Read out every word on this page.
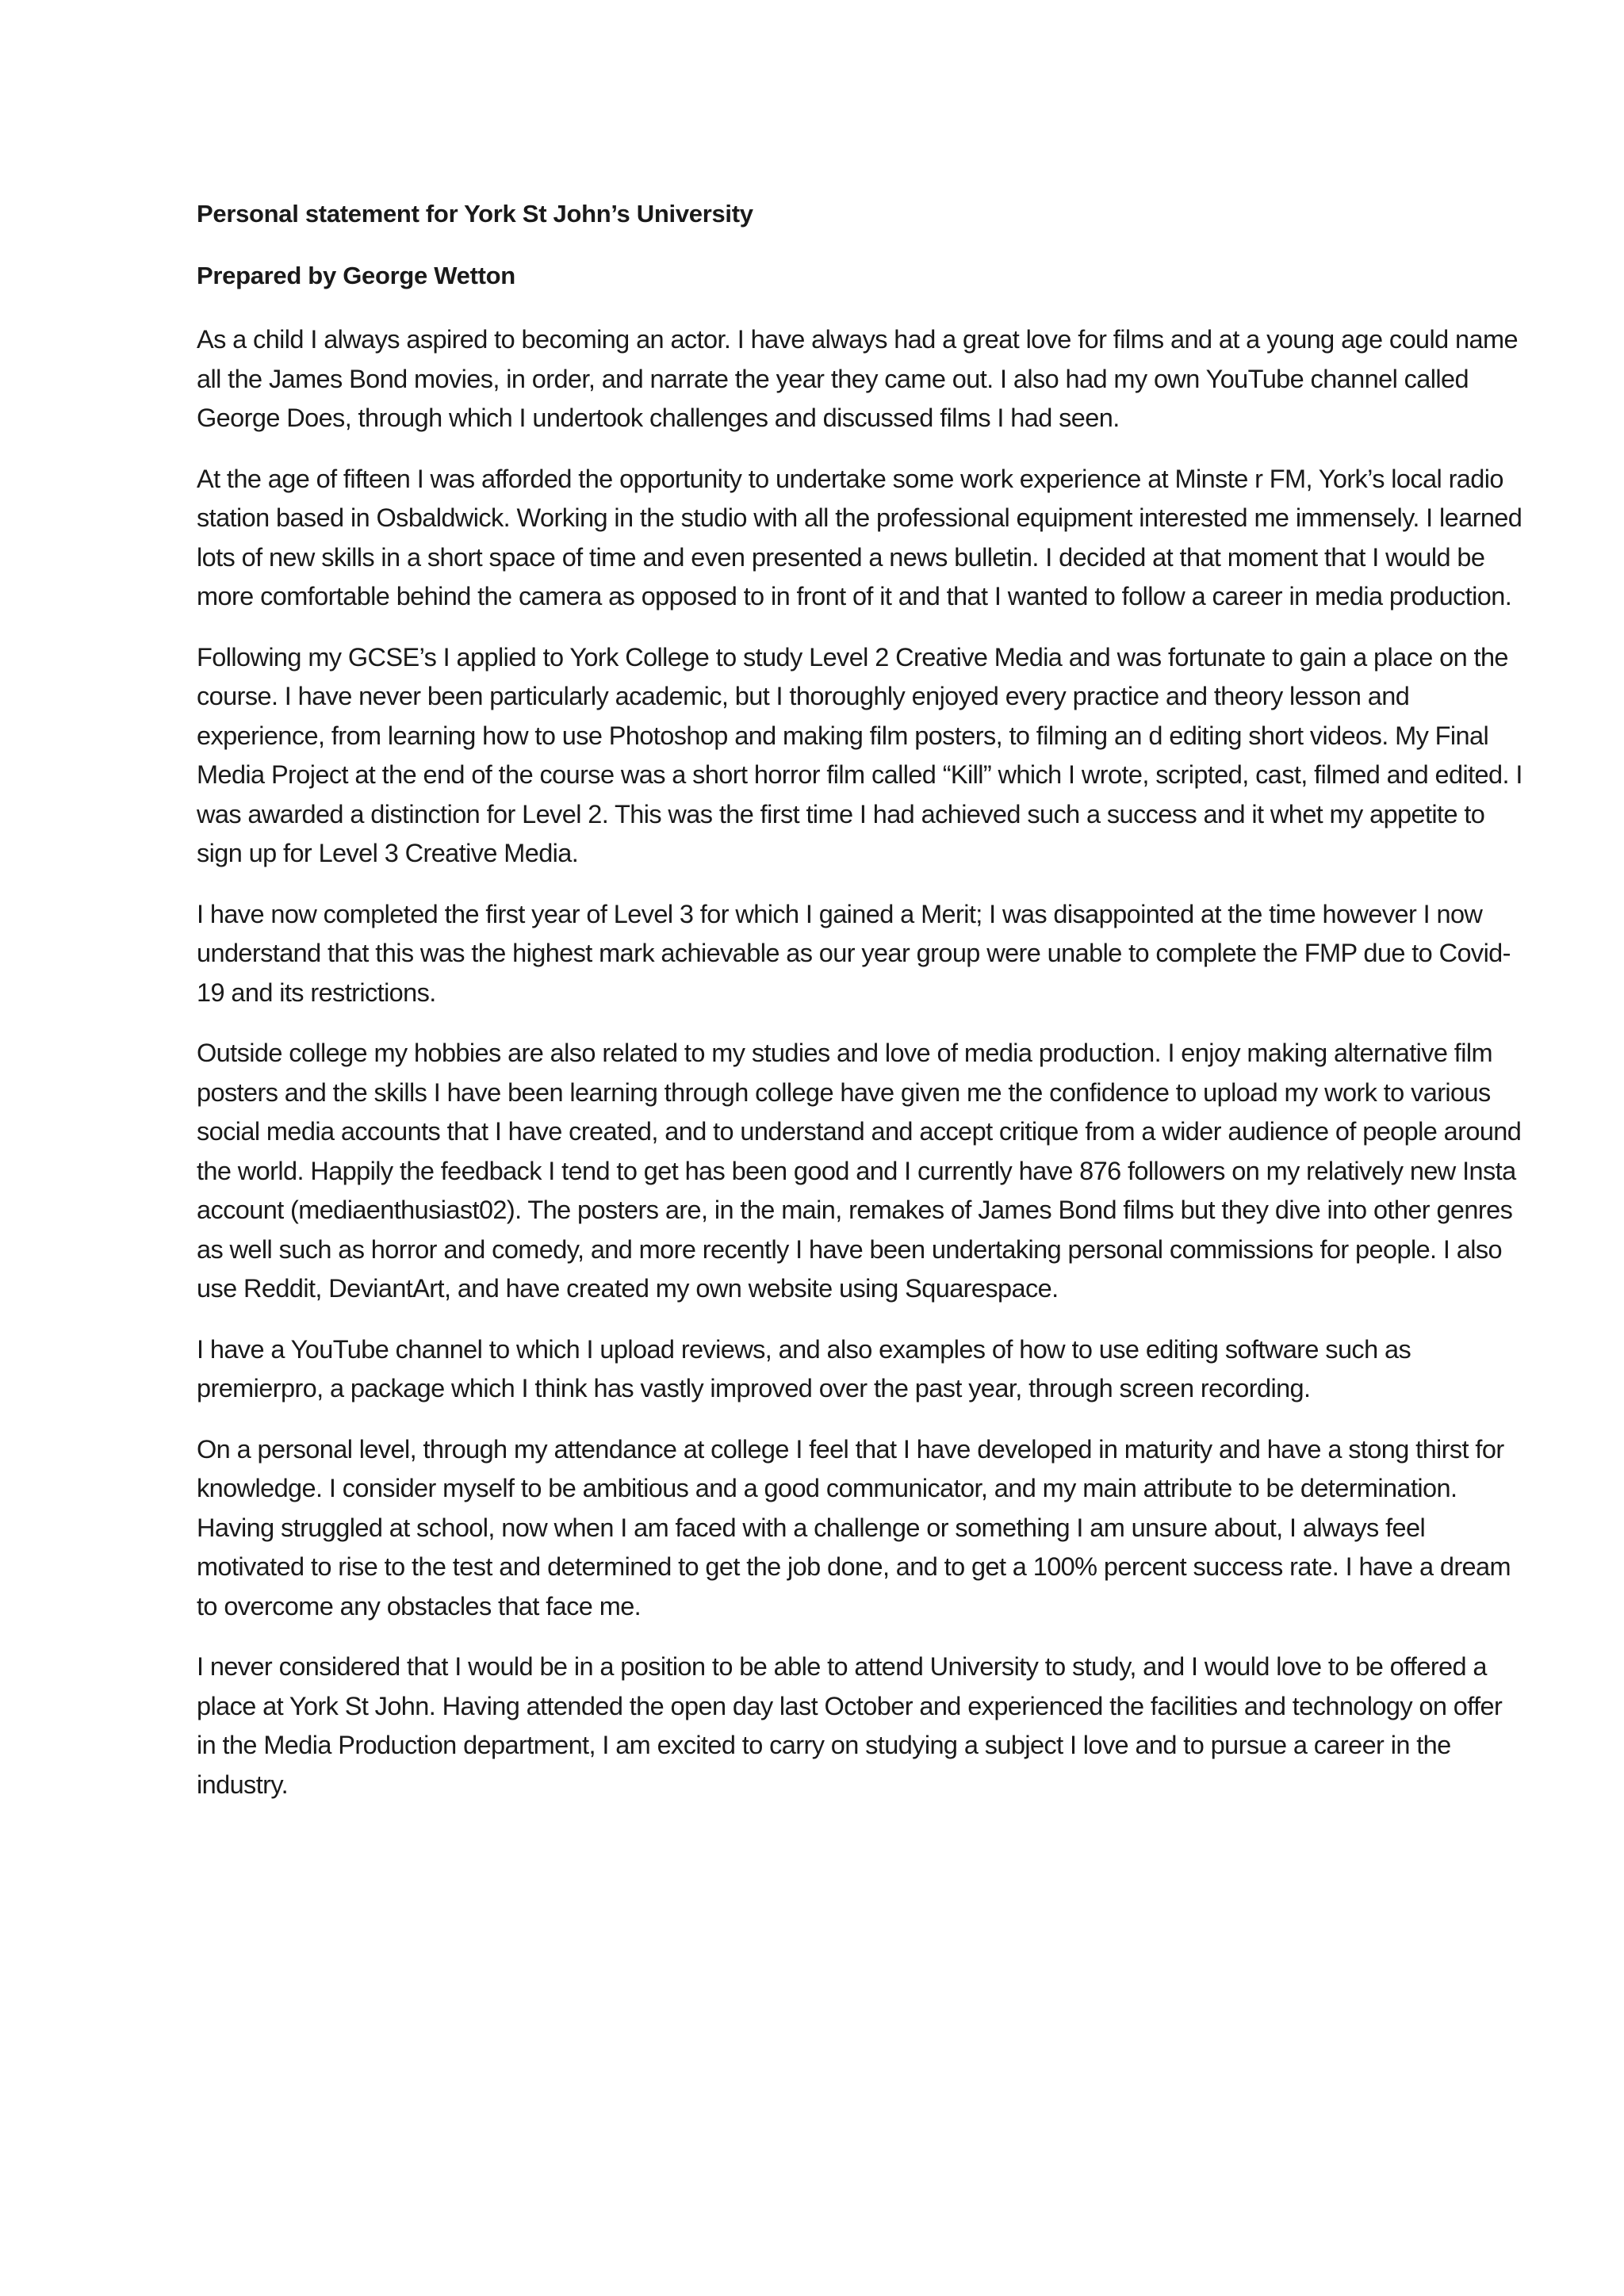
Personal statement for York St John’s University
Prepared by George Wetton

As a child I always aspired to becoming an actor. I have always had a great love for films and at a young age could name all the James Bond movies, in order, and narrate the year they came out. I also had my own YouTube channel called George Does, through which I undertook challenges and discussed films I had seen.

At the age of fifteen I was afforded the opportunity to undertake some work experience at Minste r FM, York’s local radio station based in Osbaldwick. Working in the studio with all the professional equipment interested me immensely. I learned lots of new skills in a short space of time and even presented a news bulletin. I decided at that moment that I would be more comfortable behind the camera as opposed to in front of it and that I wanted to follow a career in media production.

Following my GCSE’s I applied to York College to study Level 2 Creative Media and was fortunate to gain a place on the course. I have never been particularly academic, but I thoroughly enjoyed every practice and theory lesson and experience, from learning how to use Photoshop and making film posters, to filming an d editing short videos. My Final Media Project at the end of the course was a short horror film called “Kill” which I wrote, scripted, cast, filmed and edited. I was awarded a distinction for Level 2. This was the first time I had achieved such a success and it whet my appetite to sign up for Level 3 Creative Media.

I have now completed the first year of Level 3 for which I gained a Merit; I was disappointed at the time however I now understand that this was the highest mark achievable as our year group were unable to complete the FMP due to Covid-19 and its restrictions.

Outside college my hobbies are also related to my studies and love of media production. I enjoy making alternative film posters and the skills I have been learning through college have given me the confidence to upload my work to various social media accounts that I have created, and to understand and accept critique from a wider audience of people around the world. Happily the feedback I tend to get has been good and I currently have 876 followers on my relatively new Insta account (mediaenthusiast02). The posters are, in the main, remakes of James Bond films but they dive into other genres as well such as horror and comedy, and more recently I have been undertaking personal commissions for people. I also use Reddit, DeviantArt, and have created my own website using Squarespace.

I have a YouTube channel to which I upload reviews, and also examples of how to use editing software such as premierpro, a package which I think has vastly improved over the past year, through screen recording.

On a personal level, through my attendance at college I feel that I have developed in maturity and have a stong thirst for knowledge. I consider myself to be ambitious and a good communicator, and my main attribute to be determination. Having struggled at school, now when I am faced with a challenge or something I am unsure about, I always feel motivated to rise to the test and determined to get the job done, and to get a 100% percent success rate. I have a dream to overcome any obstacles that face me.

I never considered that I would be in a position to be able to attend University to study, and I would love to be offered a place at York St John. Having attended the open day last October and experienced the facilities and technology on offer in the Media Production department, I am excited to carry on studying a subject I love and to pursue a career in the industry.
